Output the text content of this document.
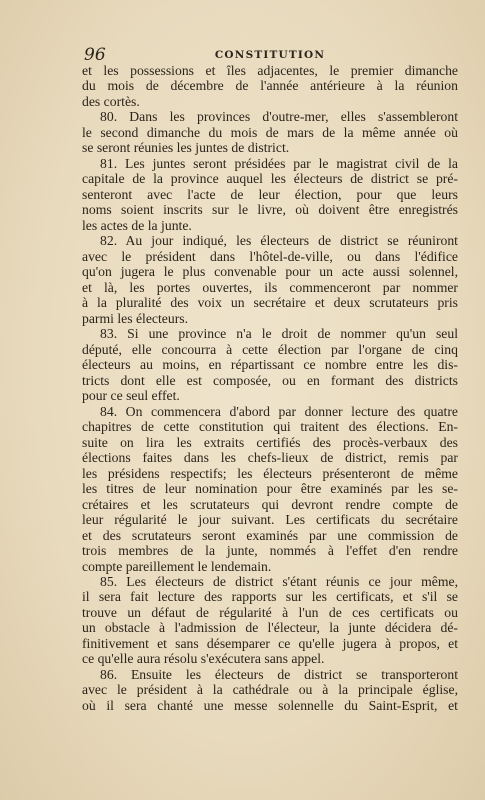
96	CONSTITUTION
et les possessions et îles adjacentes, le premier dimanche
du mois de décembre de l'année antérieure à la réunion
des cortès.
80. Dans les provinces d'outre-mer, elles s'assembleront
le second dimanche du mois de mars de la même année où
se seront réunies les juntes de district.
81. Les juntes seront présidées par le magistrat civil de la
capitale de la province auquel les électeurs de district se pré-
senteront avec l'acte de leur élection, pour que leurs
noms soient inscrits sur le livre, où doivent être enregistrés
les actes de la junte.
82. Au jour indiqué, les électeurs de district se réuniront
avec le président dans l'hôtel-de-ville, ou dans l'édifice
qu'on jugera le plus convenable pour un acte aussi solennel,
et là, les portes ouvertes, ils commenceront par nommer
à la pluralité des voix un secrétaire et deux scrutateurs pris
parmi les électeurs.
83. Si une province n'a le droit de nommer qu'un seul
député, elle concourra à cette élection par l'organe de cinq
électeurs au moins, en répartissant ce nombre entre les dis-
tricts dont elle est composée, ou en formant des districts
pour ce seul effet.
84. On commencera d'abord par donner lecture des quatre
chapitres de cette constitution qui traitent des élections. En-
suite on lira les extraits certifiés des procès-verbaux des
élections faites dans les chefs-lieux de district, remis par
les présidens respectifs; les électeurs présenteront de même
les titres de leur nomination pour être examinés par les se-
crétaires et les scrutateurs qui devront rendre compte de
leur régularité le jour suivant. Les certificats du secrétaire
et des scrutateurs seront examinés par une commission de
trois membres de la junte, nommés à l'effet d'en rendre
compte pareillement le lendemain.
85. Les électeurs de district s'étant réunis ce jour même,
il sera fait lecture des rapports sur les certificats, et s'il se
trouve un défaut de régularité à l'un de ces certificats ou
un obstacle à l'admission de l'électeur, la junte décidera dé-
finitivement et sans désemparer ce qu'elle jugera à propos, et
ce qu'elle aura résolu s'exécutera sans appel.
86. Ensuite les électeurs de district se transporteront
avec le président à la cathédrale ou à la principale église,
où il sera chanté une messe solennelle du Saint-Esprit, et
